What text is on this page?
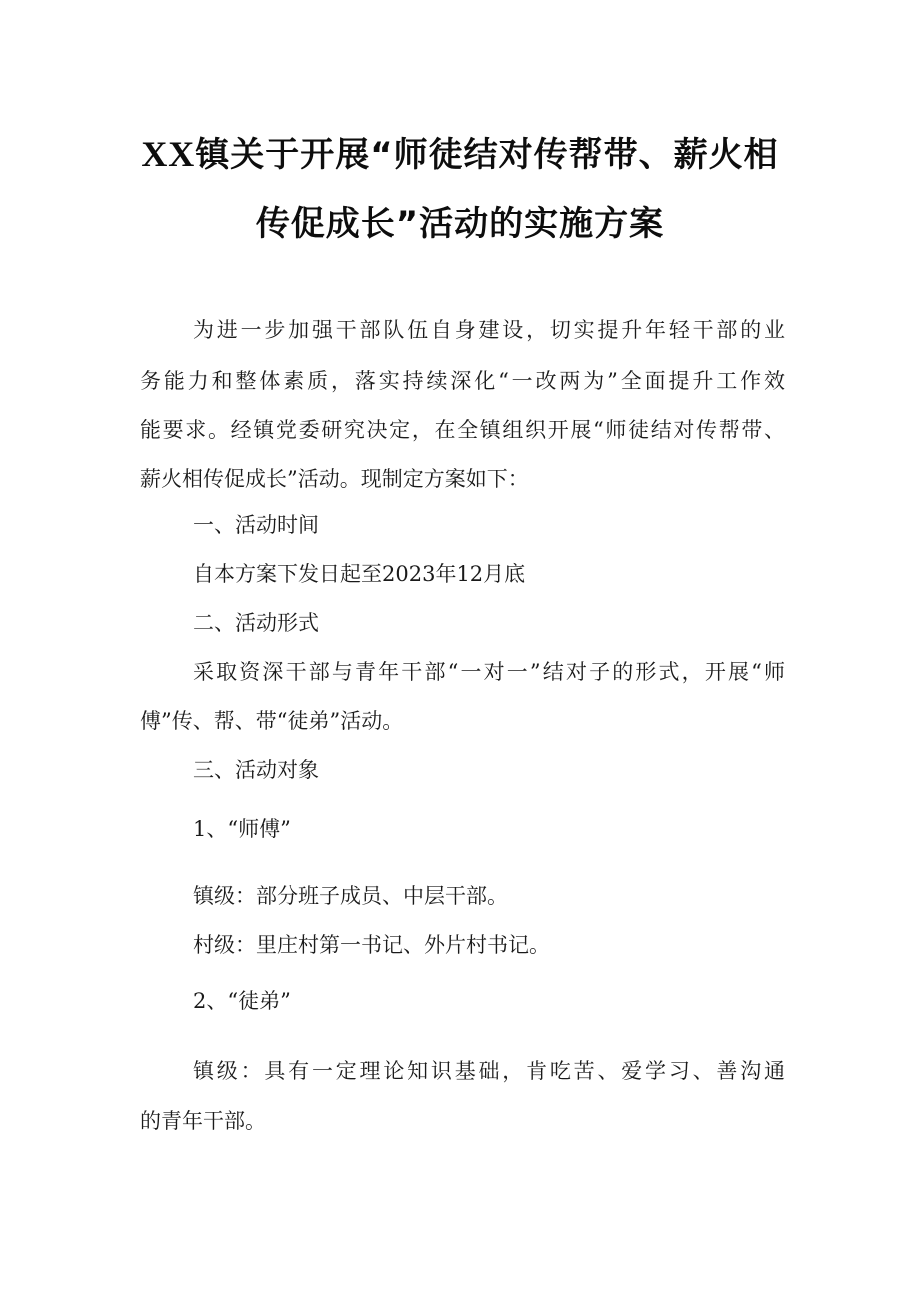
XX镇关于开展“师徒结对传帮带、薪火相
传促成长”活动的实施方案

为进一步加强干部队伍自身建设，切实提升年轻干部的业

务能力和整体素质，落实持续深化“一改两为”全面提升工作效

能要求。经镇党委研究决定，在全镇组织开展“师徒结对传帮带、

薪火相传促成长”活动。现制定方案如下：

一、活动时间

自本方案下发日起至2023年12月底

二、活动形式

采取资深干部与青年干部“一对一”结对子的形式，开展“师

傅”传、帮、带“徒弟”活动。

三、活动对象

1、“师傅”

镇级：部分班子成员、中层干部。

村级：里庄村第一书记、外片村书记。

2、“徒弟”

镇级：具有一定理论知识基础，肯吃苦、爱学习、善沟通

的青年干部。
